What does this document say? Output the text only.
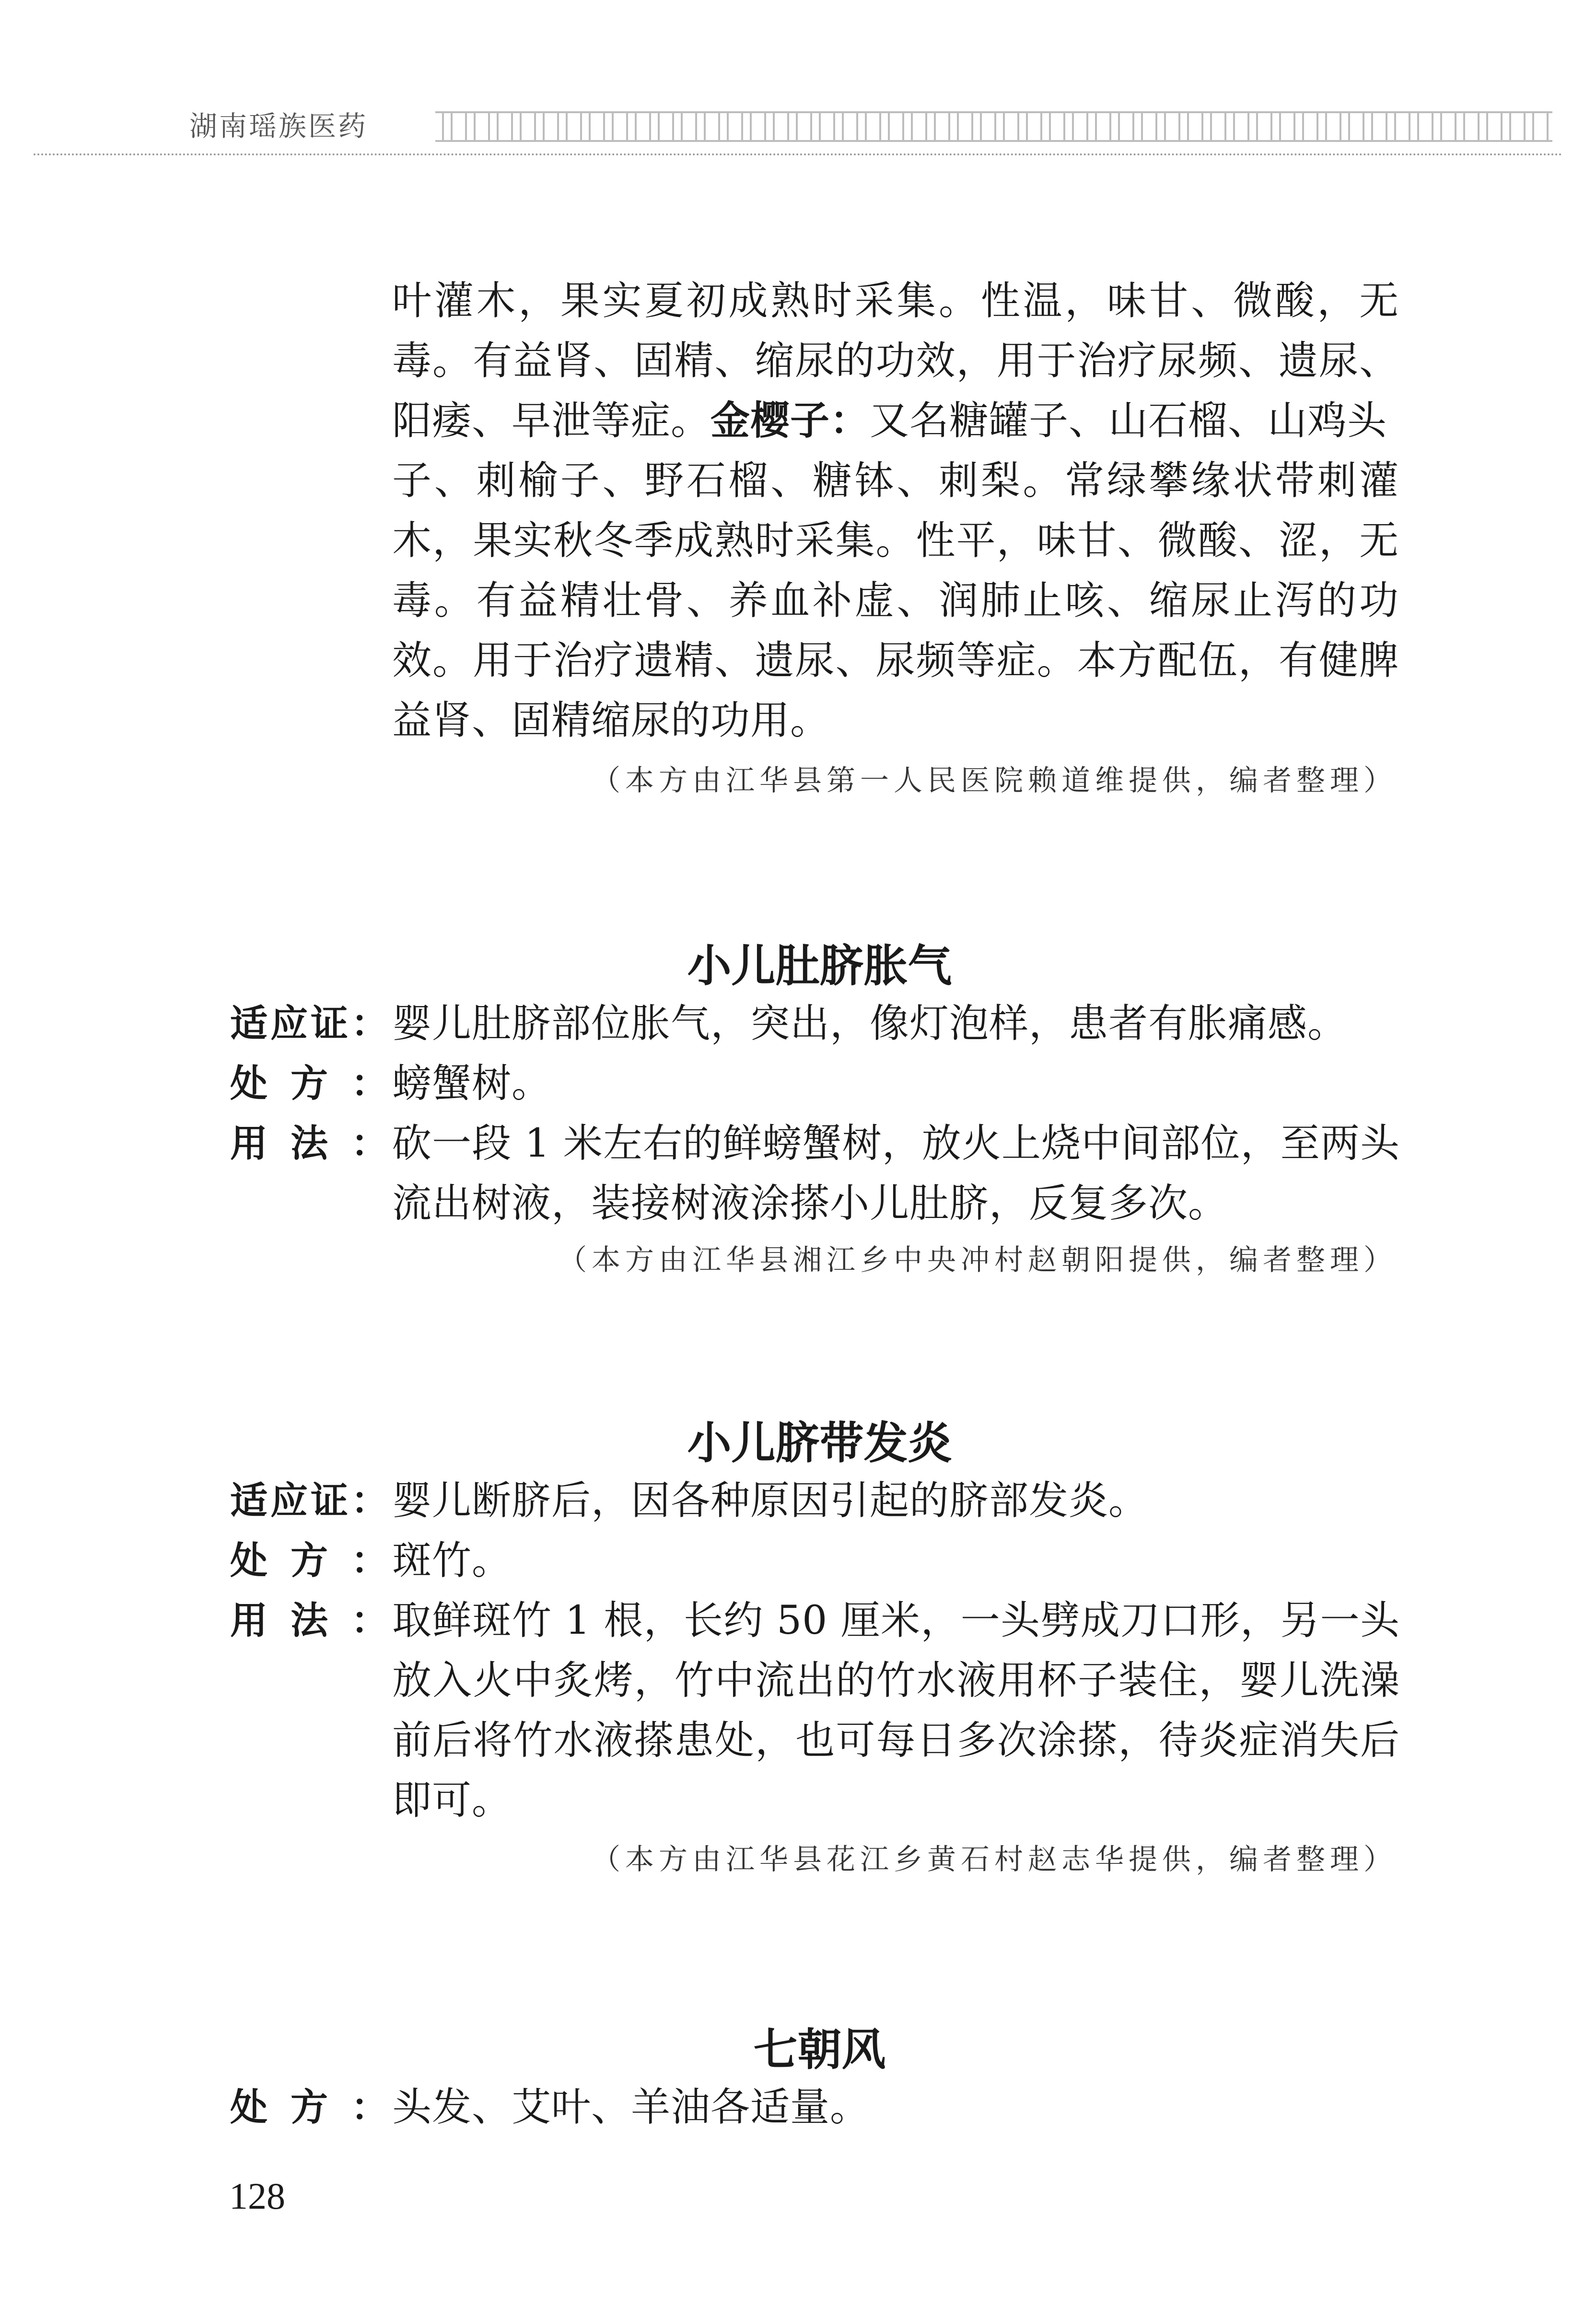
湖南瑶族医药
叶灌木，果实夏初成熟时采集。性温，味甘、微酸，无
毒。有益肾、固精、缩尿的功效，用于治疗尿频、遗尿、
阳痿、早泄等症。金樱子：又名糖罐子、山石榴、山鸡头
子、刺榆子、野石榴、糖钵、刺梨。常绿攀缘状带刺灌
木，果实秋冬季成熟时采集。性平，味甘、微酸、涩，无
毒。有益精壮骨、养血补虚、润肺止咳、缩尿止泻的功
效。用于治疗遗精、遗尿、尿频等症。本方配伍，有健脾
益肾、固精缩尿的功用。
（本方由江华县第一人民医院赖道维提供，编者整理）
小儿肚脐胀气
适 应 证 ： 婴儿肚脐部位胀气，突出，像灯泡样，患者有胀痛感。
处 方 ： 螃蟹树。
用 法 ： 砍一段 1 米左右的鲜螃蟹树，放火上烧中间部位，至两头
流出树液，装接树液涂搽小儿肚脐，反复多次。
（本方由江华县湘江乡中央冲村赵朝阳提供，编者整理）
小儿脐带发炎
适 应 证 ： 婴儿断脐后，因各种原因引起的脐部发炎。
处 方 ： 斑竹。
用 法 ： 取鲜斑竹 1 根，长约 50 厘米，一头劈成刀口形，另一头
放入火中炙烤，竹中流出的竹水液用杯子装住，婴儿洗澡
前后将竹水液搽患处，也可每日多次涂搽，待炎症消失后
即可。
（本方由江华县花江乡黄石村赵志华提供，编者整理）
七朝风
处 方 ： 头发、艾叶、羊油各适量。
128
